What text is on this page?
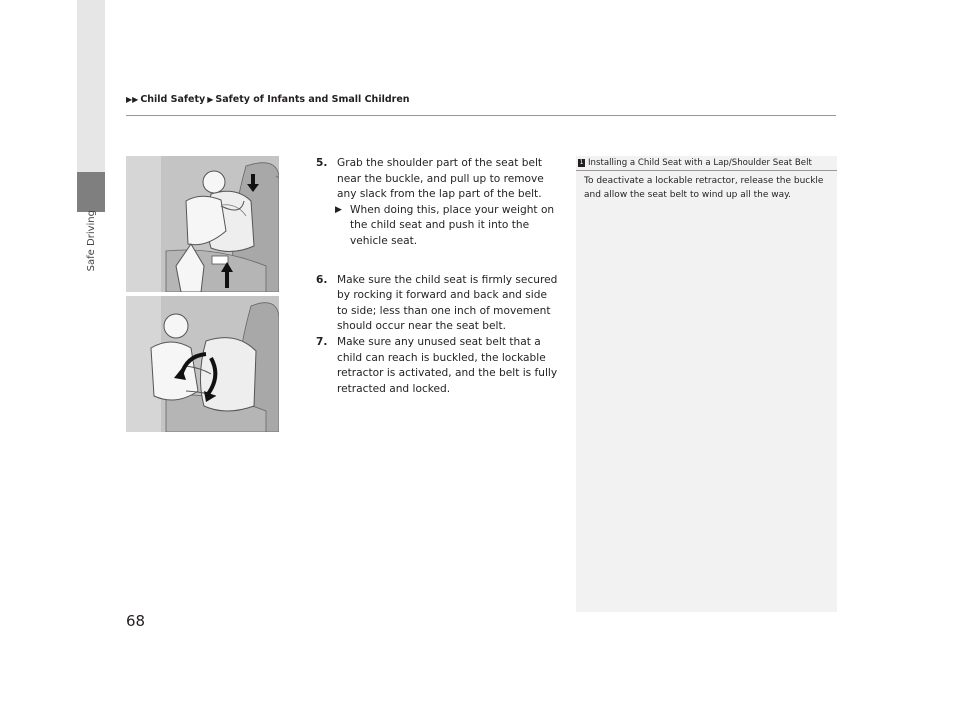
Safe Driving
▶▶ Child Safety ▶ Safety of Infants and Small Children
5. Grab the shoulder part of the seat belt near the buckle, and pull up to remove any slack from the lap part of the belt.
▶ When doing this, place your weight on the child seat and push it into the vehicle seat.
6. Make sure the child seat is firmly secured by rocking it forward and back and side to side; less than one inch of movement should occur near the seat belt.
7. Make sure any unused seat belt that a child can reach is buckled, the lockable retractor is activated, and the belt is fully retracted and locked.
1 Installing a Child Seat with a Lap/Shoulder Seat Belt
To deactivate a lockable retractor, release the buckle and allow the seat belt to wind up all the way.
68
